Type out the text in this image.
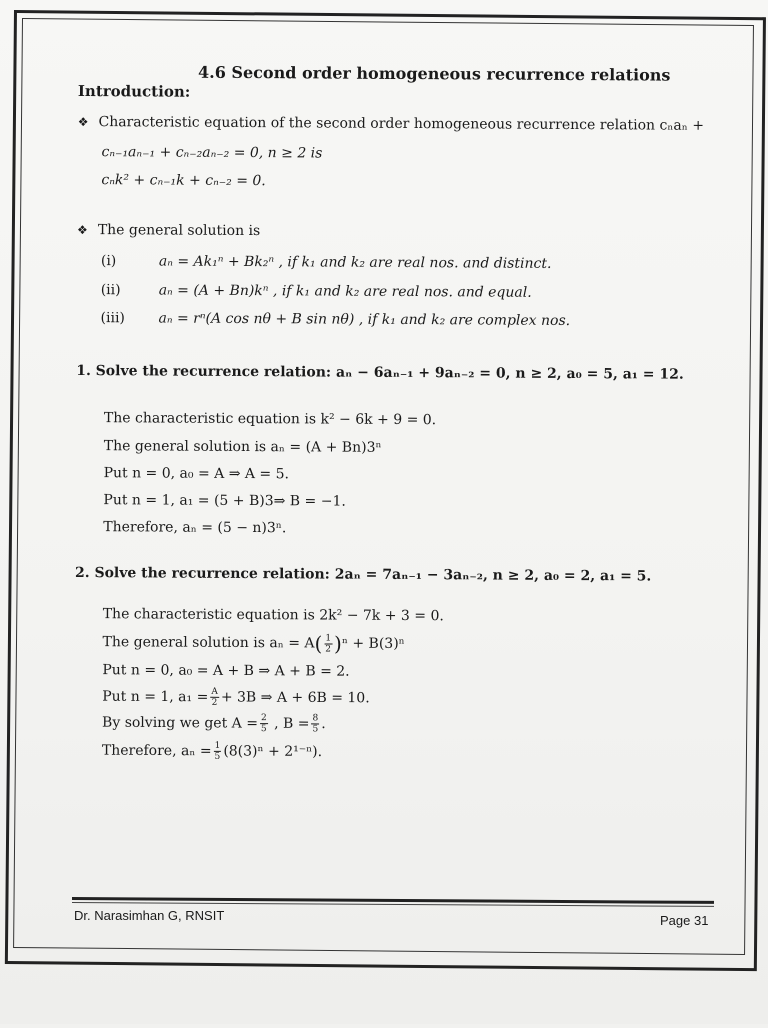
4.6 Second order homogeneous recurrence relations
Introduction:
❖ Characteristic equation of the second order homogeneous recurrence relation cₙaₙ +
cₙ₋₁aₙ₋₁ + cₙ₋₂aₙ₋₂ = 0, n ≥ 2 is
cₙk² + cₙ₋₁k + cₙ₋₂ = 0.
❖ The general solution is
(i)	aₙ = Ak₁ⁿ + Bk₂ⁿ , if k₁ and k₂ are real nos. and distinct.
(ii)	aₙ = (A + Bn)kⁿ , if k₁ and k₂ are real nos. and equal.
(iii) aₙ = rⁿ(A cos nθ + B sin nθ) , if k₁ and k₂ are complex nos.
1. Solve the recurrence relation: aₙ − 6aₙ₋₁ + 9aₙ₋₂ = 0, n ≥ 2, a₀ = 5, a₁ = 12.
The characteristic equation is k² − 6k + 9 = 0.
The general solution is aₙ = (A + Bn)3ⁿ
Put n = 0, a₀ = A ⇒ A = 5.
Put n = 1, a₁ = (5 + B)3⇒ B = −1.
Therefore, aₙ = (5 − n)3ⁿ.
2. Solve the recurrence relation: 2aₙ = 7aₙ₋₁ − 3aₙ₋₂, n ≥ 2, a₀ = 2, a₁ = 5.
The characteristic equation is 2k² − 7k + 3 = 0.
The general solution is $a_n = A( \frac{1}{2} )^n + B(3)^n$
Put n = 0, a₀ = A + B ⇒ A + B = 2.
Put n = 1, $a_1 = \frac{A}{2} + 3B$ ⇒ A + 6B = 10.
By solving we get $A = \frac{2}{5}$ , $B = \frac{8}{5}$ .
Therefore, $a_n = \frac{1}{5} (8(3)^n + 2^{1-n})$.
Dr. Narasimhan G, RNSIT	Page 31
